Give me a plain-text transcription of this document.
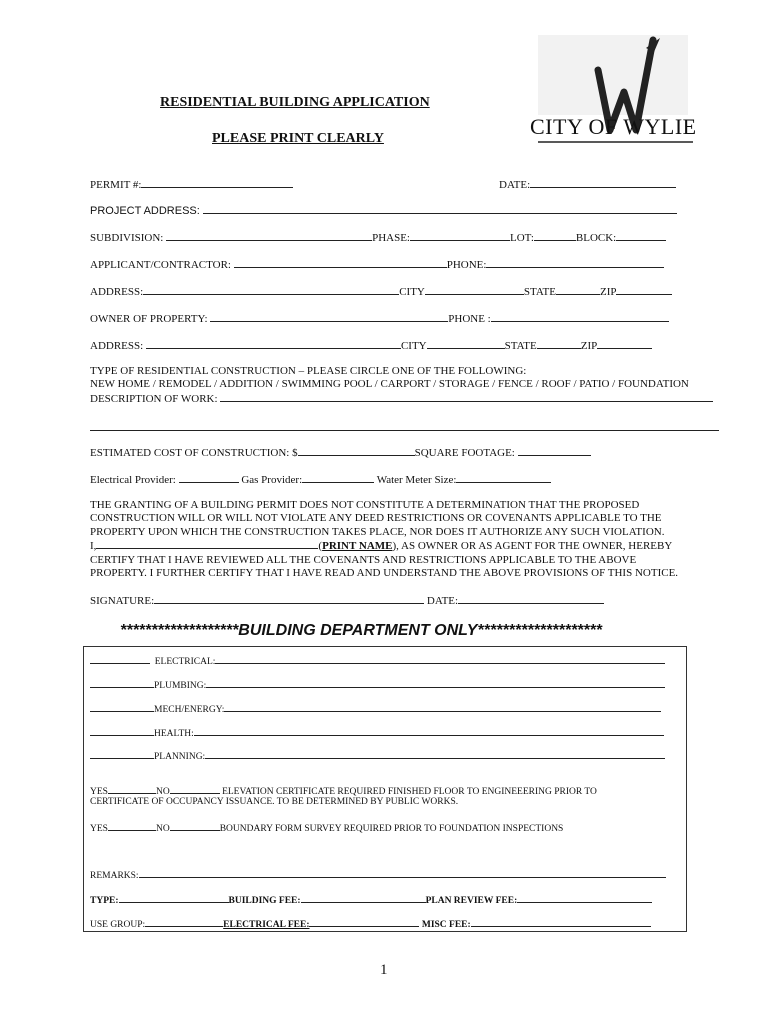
CITY OF WYLIE
RESIDENTIAL BUILDING APPLICATION
PLEASE PRINT CLEARLY
PERMIT #:	DATE:
PROJECT ADDRESS:
SUBDIVISION:	PHASE:	LOT:	BLOCK:
APPLICANT/CONTRACTOR:	PHONE:
ADDRESS:	CITY	STATE	ZIP
OWNER OF PROPERTY:	PHONE :
ADDRESS:	CITY	STATE	ZIP
TYPE OF RESIDENTIAL CONSTRUCTION – PLEASE CIRCLE ONE OF THE FOLLOWING:
NEW HOME / REMODEL / ADDITION / SWIMMING POOL / CARPORT / STORAGE / FENCE / ROOF / PATIO / FOUNDATION
DESCRIPTION OF WORK:
ESTIMATED COST OF CONSTRUCTION: $	SQUARE FOOTAGE:
Electrical Provider:	Gas Provider:	Water Meter Size:
THE GRANTING OF A BUILDING PERMIT DOES NOT CONSTITUTE A DETERMINATION THAT THE PROPOSED
CONSTRUCTION WILL OR WILL NOT VIOLATE ANY DEED RESTRICTIONS OR COVENANTS APPLICABLE TO THE
PROPERTY UPON WHICH THE CONSTRUCTION TAKES PLACE, NOR DOES IT AUTHORIZE ANY SUCH VIOLATION.
I,	(PRINT NAME), AS OWNER OR AS AGENT FOR THE OWNER, HEREBY
CERTIFY THAT I HAVE REVIEWED ALL THE COVENANTS AND RESTRICTIONS APPLICABLE TO THE ABOVE
PROPERTY. I FURTHER CERTIFY THAT I HAVE READ AND UNDERSTAND THE ABOVE PROVISIONS OF THIS NOTICE.
SIGNATURE:	DATE:
*******************BUILDING DEPARTMENT ONLY********************
ELECTRICAL:
PLUMBING:
MECH/ENERGY:
HEALTH:
PLANNING:
YES	NO	ELEVATION CERTIFICATE REQUIRED FINISHED FLOOR TO ENGINEEERING PRIOR TO
CERTIFICATE OF OCCUPANCY ISSUANCE. TO BE DETERMINED BY PUBLIC WORKS.
YES	NO	BOUNDARY FORM SURVEY REQUIRED PRIOR TO FOUNDATION INSPECTIONS
REMARKS:
TYPE:	BUILDING FEE:	PLAN REVIEW FEE:
USE GROUP:	ELECTRICAL FEE:	MISC FEE:
1
